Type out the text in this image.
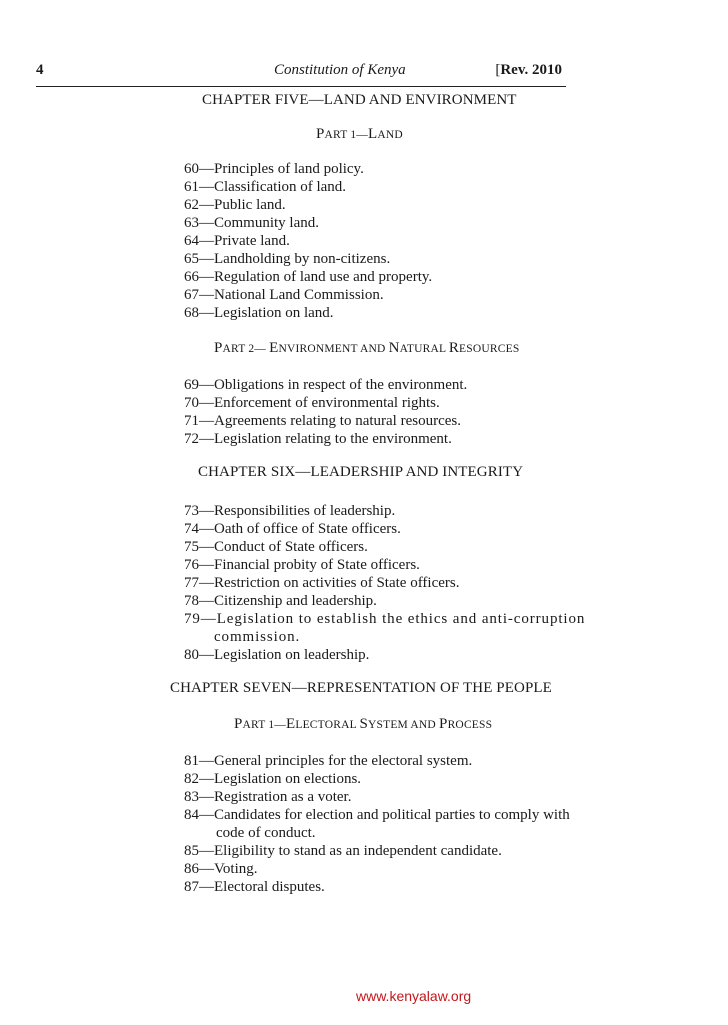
4	Constitution of Kenya	[Rev. 2010
CHAPTER FIVE—LAND AND ENVIRONMENT
PART 1—LAND
60—Principles of land policy.
61—Classification of land.
62—Public land.
63—Community land.
64—Private land.
65—Landholding by non-citizens.
66—Regulation of land use and property.
67—National Land Commission.
68—Legislation on land.
PART 2— ENVIRONMENT AND NATURAL RESOURCES
69—Obligations in respect of the environment.
70—Enforcement of environmental rights.
71—Agreements relating to natural resources.
72—Legislation relating to the environment.
CHAPTER SIX—LEADERSHIP AND INTEGRITY
73—Responsibilities of leadership.
74—Oath of office of State officers.
75—Conduct of State officers.
76—Financial probity of State officers.
77—Restriction on activities of State officers.
78—Citizenship and leadership.
79—Legislation to establish the ethics and anti-corruption
commission.
80—Legislation on leadership.
CHAPTER SEVEN—REPRESENTATION OF THE PEOPLE
PART 1—ELECTORAL SYSTEM AND PROCESS
81—General principles for the electoral system.
82—Legislation on elections.
83—Registration as a voter.
84—Candidates for election and political parties to comply with
code of conduct.
85—Eligibility to stand as an independent candidate.
86—Voting.
87—Electoral disputes.
www.kenyalaw.org
